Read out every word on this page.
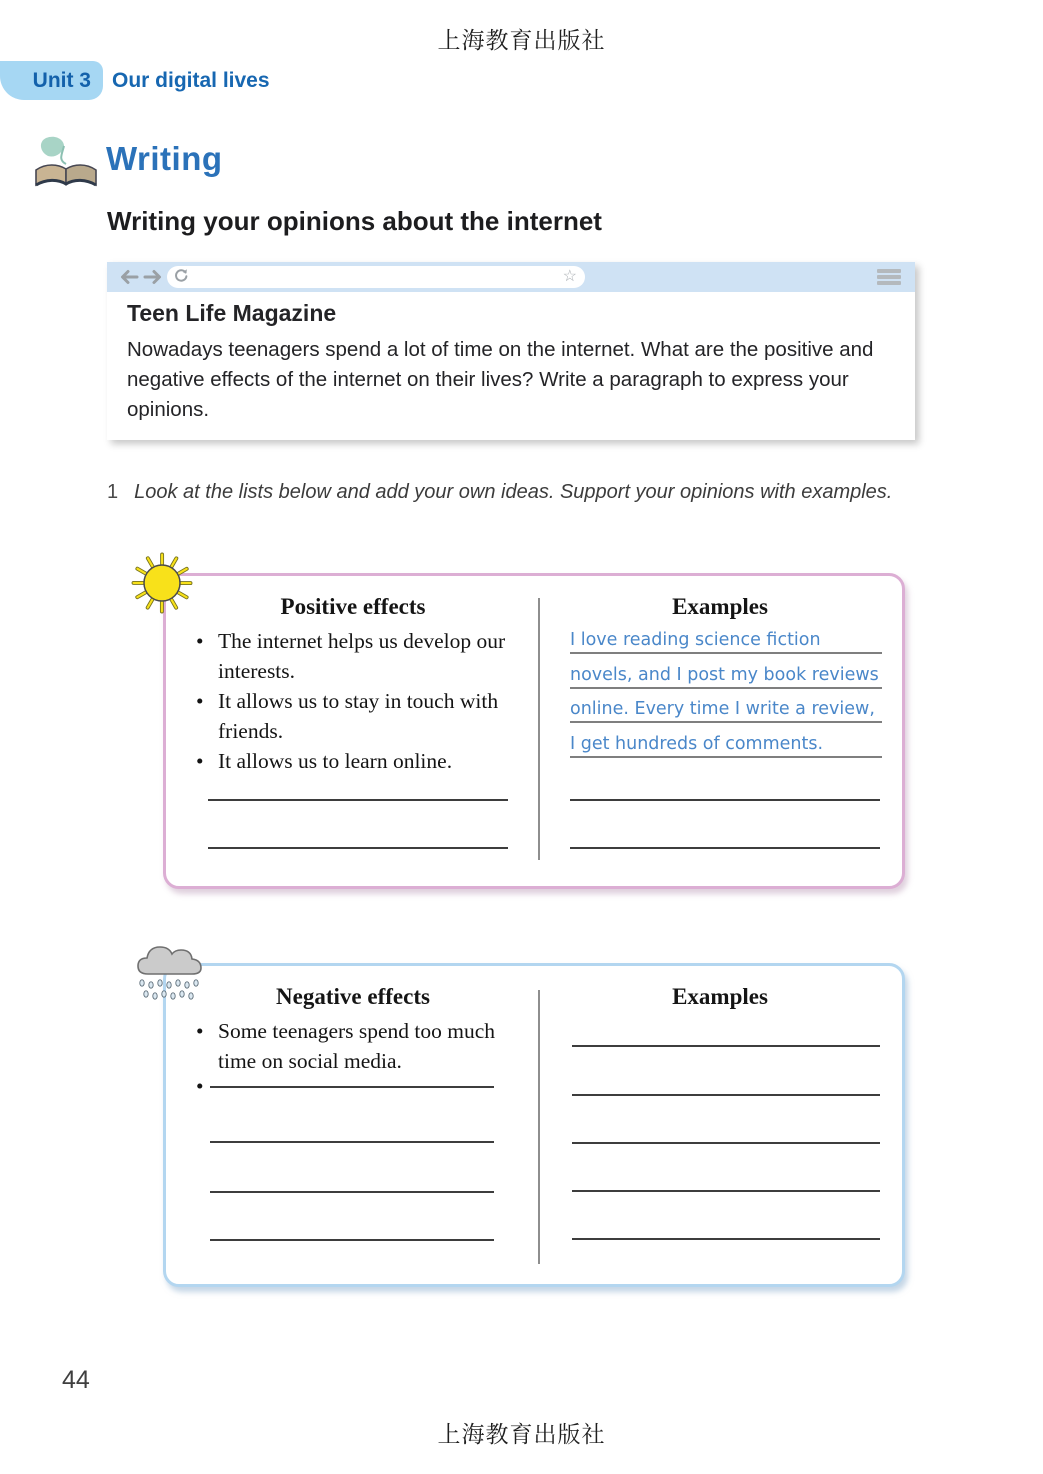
上海教育出版社
Unit 3 Our digital lives
Writing
Writing your opinions about the internet
☆
Teen Life Magazine
Nowadays teenagers spend a lot of time on the internet. What are the positive and negative effects of the internet on their lives? Write a paragraph to express your opinions.
1 Look at the lists below and add your own ideas. Support your opinions with examples.
Positive effects	Examples
• The internet helps us develop our interests.
• It allows us to stay in touch with friends.
• It allows us to learn online.
I love reading science fiction
novels, and I post my book reviews
online. Every time I write a review,
I get hundreds of comments.
Negative effects	Examples
• Some teenagers spend too much time on social media.
•
44
上海教育出版社
